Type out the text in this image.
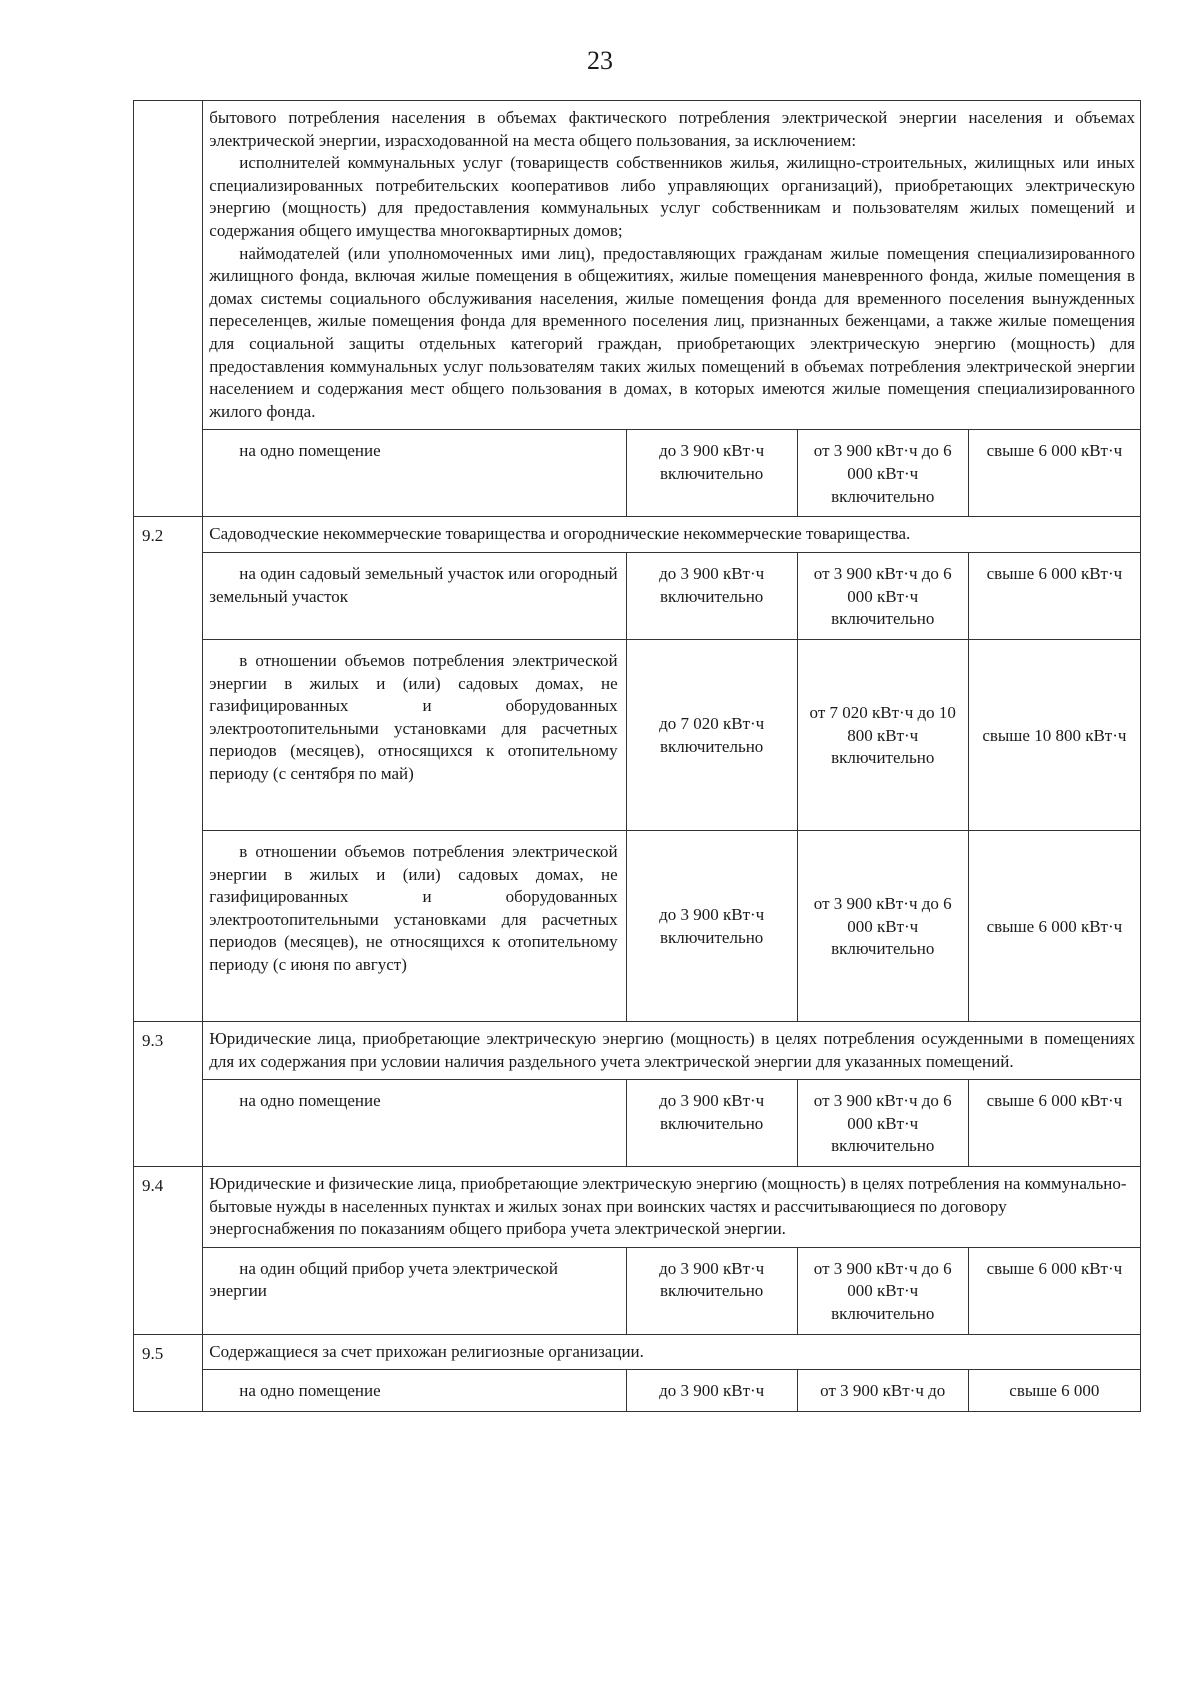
23

	бытового потребления населения в объемах фактического потребления электрической энергии населения и объемах электрической энергии, израсходованной на места общего пользования, за исключением:

исполнителей коммунальных услуг (товариществ собственников жилья, жилищно-строительных, жилищных или иных специализированных потребительских кооперативов либо управляющих организаций), приобретающих электрическую энергию (мощность) для предоставления коммунальных услуг собственникам и пользователям жилых помещений и содержания общего имущества многоквартирных домов;

наймодателей (или уполномоченных ими лиц), предоставляющих гражданам жилые помещения специализированного жилищного фонда, включая жилые помещения в общежитиях, жилые помещения маневренного фонда, жилые помещения в домах системы социального обслуживания населения, жилые помещения фонда для временного поселения вынужденных переселенцев, жилые помещения фонда для временного поселения лиц, признанных беженцами, а также жилые помещения для социальной защиты отдельных категорий граждан, приобретающих электрическую энергию (мощность) для предоставления коммунальных услуг пользователям таких жилых помещений в объемах потребления электрической энергии населением и содержания мест общего пользования в домах, в которых имеются жилые помещения специализированного жилого фонда.			

	на одно помещение	до 3 900 кВт·ч включительно	от 3 900 кВт·ч до 6 000 кВт·ч включительно	свыше 6 000 кВт·ч
9.2	Садоводческие некоммерческие товарищества и огороднические некоммерческие товарищества.			
	на один садовый земельный участок или огородный земельный участок	до 3 900 кВт·ч включительно	от 3 900 кВт·ч до 6 000 кВт·ч включительно	свыше 6 000 кВт·ч
	в отношении объемов потребления электрической энергии в жилых и (или) садовых домах, не газифицированных и оборудованных электроотопительными установками для расчетных периодов (месяцев), относящихся к отопительному периоду (с сентября по май)	до 7 020 кВт·ч включительно	от 7 020 кВт·ч до 10 800 кВт·ч включительно	свыше 10 800 кВт·ч
	в отношении объемов потребления электрической энергии в жилых и (или) садовых домах, не газифицированных и оборудованных электроотопительными установками для расчетных периодов (месяцев), не относящихся к отопительному периоду (с июня по август)	до 3 900 кВт·ч включительно	от 3 900 кВт·ч до 6 000 кВт·ч включительно	свыше 6 000 кВт·ч
9.3	Юридические лица, приобретающие электрическую энергию (мощность) в целях потребления осужденными в помещениях для их содержания при условии наличия раздельного учета электрической энергии для указанных помещений.			
	на одно помещение	до 3 900 кВт·ч включительно	от 3 900 кВт·ч до 6 000 кВт·ч включительно	свыше 6 000 кВт·ч
9.4	Юридические и физические лица, приобретающие электрическую энергию (мощность) в целях потребления на коммунально-бытовые нужды в населенных пунктах и жилых зонах при воинских частях и рассчитывающиеся по договору энергоснабжения по показаниям общего прибора учета электрической энергии.			
	на один общий прибор учета электрической энергии	до 3 900 кВт·ч включительно	от 3 900 кВт·ч до 6 000 кВт·ч включительно	свыше 6 000 кВт·ч
9.5	Содержащиеся за счет прихожан религиозные организации.			
	на одно помещение	до 3 900 кВт·ч	от 3 900 кВт·ч до	свыше 6 000
